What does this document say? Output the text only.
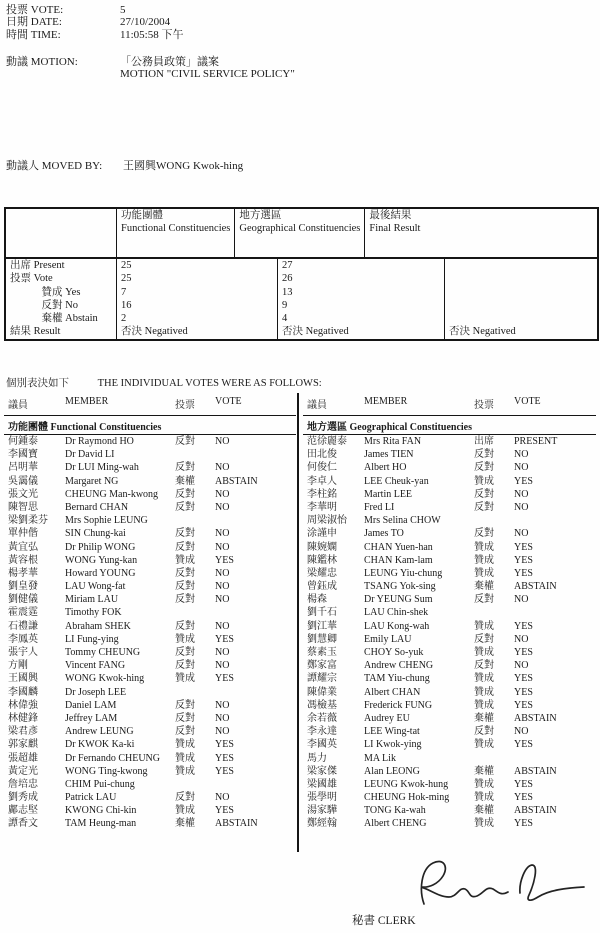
投票 VOTE:	5
日期 DATE:	27/10/2004
時間 TIME:	11:05:58 下午
動議 MOTION:	「公務員政策」議案
MOTION "CIVIL SERVICE POLICY"
動議人 MOVED BY:	王國興WONG Kwok-hing
功能團體
Functional Constituencies
地方選區
Geographical Constituencies
最後結果
Final Result
出席 Present	25	27
投票 Vote	25	26
　　　贊成 Yes	7	13
　　　反對 No	16	9
　　　棄權 Abstain	2	4
結果 Result	否決 Negatived	否決 Negatived	否決 Negatived
個別表決如下	THE INDIVIDUAL VOTES WERE AS FOLLOWS:
議員	MEMBER	投票	VOTE
功能團體 Functional Constituencies
何鍾泰	Dr Raymond HO	反對	NO
李國寶	Dr David LI
呂明華	Dr LUI Ming-wah	反對	NO
吳靄儀	Margaret NG	棄權	ABSTAIN
張文光	CHEUNG Man-kwong	反對	NO
陳智思	Bernard CHAN	反對	NO
梁劉柔芬	Mrs Sophie LEUNG
單仲偕	SIN Chung-kai	反對	NO
黃宜弘	Dr Philip WONG	反對	NO
黃容根	WONG Yung-kan	贊成	YES
楊孝華	Howard YOUNG	反對	NO
劉皇發	LAU Wong-fat	反對	NO
劉健儀	Miriam LAU	反對	NO
霍震霆	Timothy FOK
石禮謙	Abraham SHEK	反對	NO
李鳳英	LI Fung-ying	贊成	YES
張宇人	Tommy CHEUNG	反對	NO
方剛	Vincent FANG	反對	NO
王國興	WONG Kwok-hing	贊成	YES
李國麟	Dr Joseph LEE
林偉強	Daniel LAM	反對	NO
林健鋒	Jeffrey LAM	反對	NO
梁君彥	Andrew LEUNG	反對	NO
郭家麒	Dr KWOK Ka-ki	贊成	YES
張超雄	Dr Fernando CHEUNG	贊成	YES
黃定光	WONG Ting-kwong	贊成	YES
詹培忠	CHIM Pui-chung
劉秀成	Patrick LAU	反對	NO
鄺志堅	KWONG Chi-kin	贊成	YES
譚香文	TAM Heung-man	棄權	ABSTAIN
議員	MEMBER	投票	VOTE
地方選區 Geographical Constituencies
范徐麗泰	Mrs Rita FAN	出席	PRESENT
田北俊	James TIEN	反對	NO
何俊仁	Albert HO	反對	NO
李卓人	LEE Cheuk-yan	贊成	YES
李柱銘	Martin LEE	反對	NO
李華明	Fred LI	反對	NO
周梁淑怡	Mrs Selina CHOW
涂謹申	James TO	反對	NO
陳婉嫻	CHAN Yuen-han	贊成	YES
陳鑑林	CHAN Kam-lam	贊成	YES
梁耀忠	LEUNG Yiu-chung	贊成	YES
曾鈺成	TSANG Yok-sing	棄權	ABSTAIN
楊森	Dr YEUNG Sum	反對	NO
劉千石	LAU Chin-shek
劉江華	LAU Kong-wah	贊成	YES
劉慧卿	Emily LAU	反對	NO
蔡素玉	CHOY So-yuk	贊成	YES
鄭家富	Andrew CHENG	反對	NO
譚耀宗	TAM Yiu-chung	贊成	YES
陳偉業	Albert CHAN	贊成	YES
馮檢基	Frederick FUNG	贊成	YES
余若薇	Audrey EU	棄權	ABSTAIN
李永達	LEE Wing-tat	反對	NO
李國英	LI Kwok-ying	贊成	YES
馬力	MA Lik
梁家傑	Alan LEONG	棄權	ABSTAIN
梁國雄	LEUNG Kwok-hung	贊成	YES
張學明	CHEUNG Hok-ming	贊成	YES
湯家驊	TONG Ka-wah	棄權	ABSTAIN
鄭經翰	Albert CHENG	贊成	YES
秘書 CLERK
